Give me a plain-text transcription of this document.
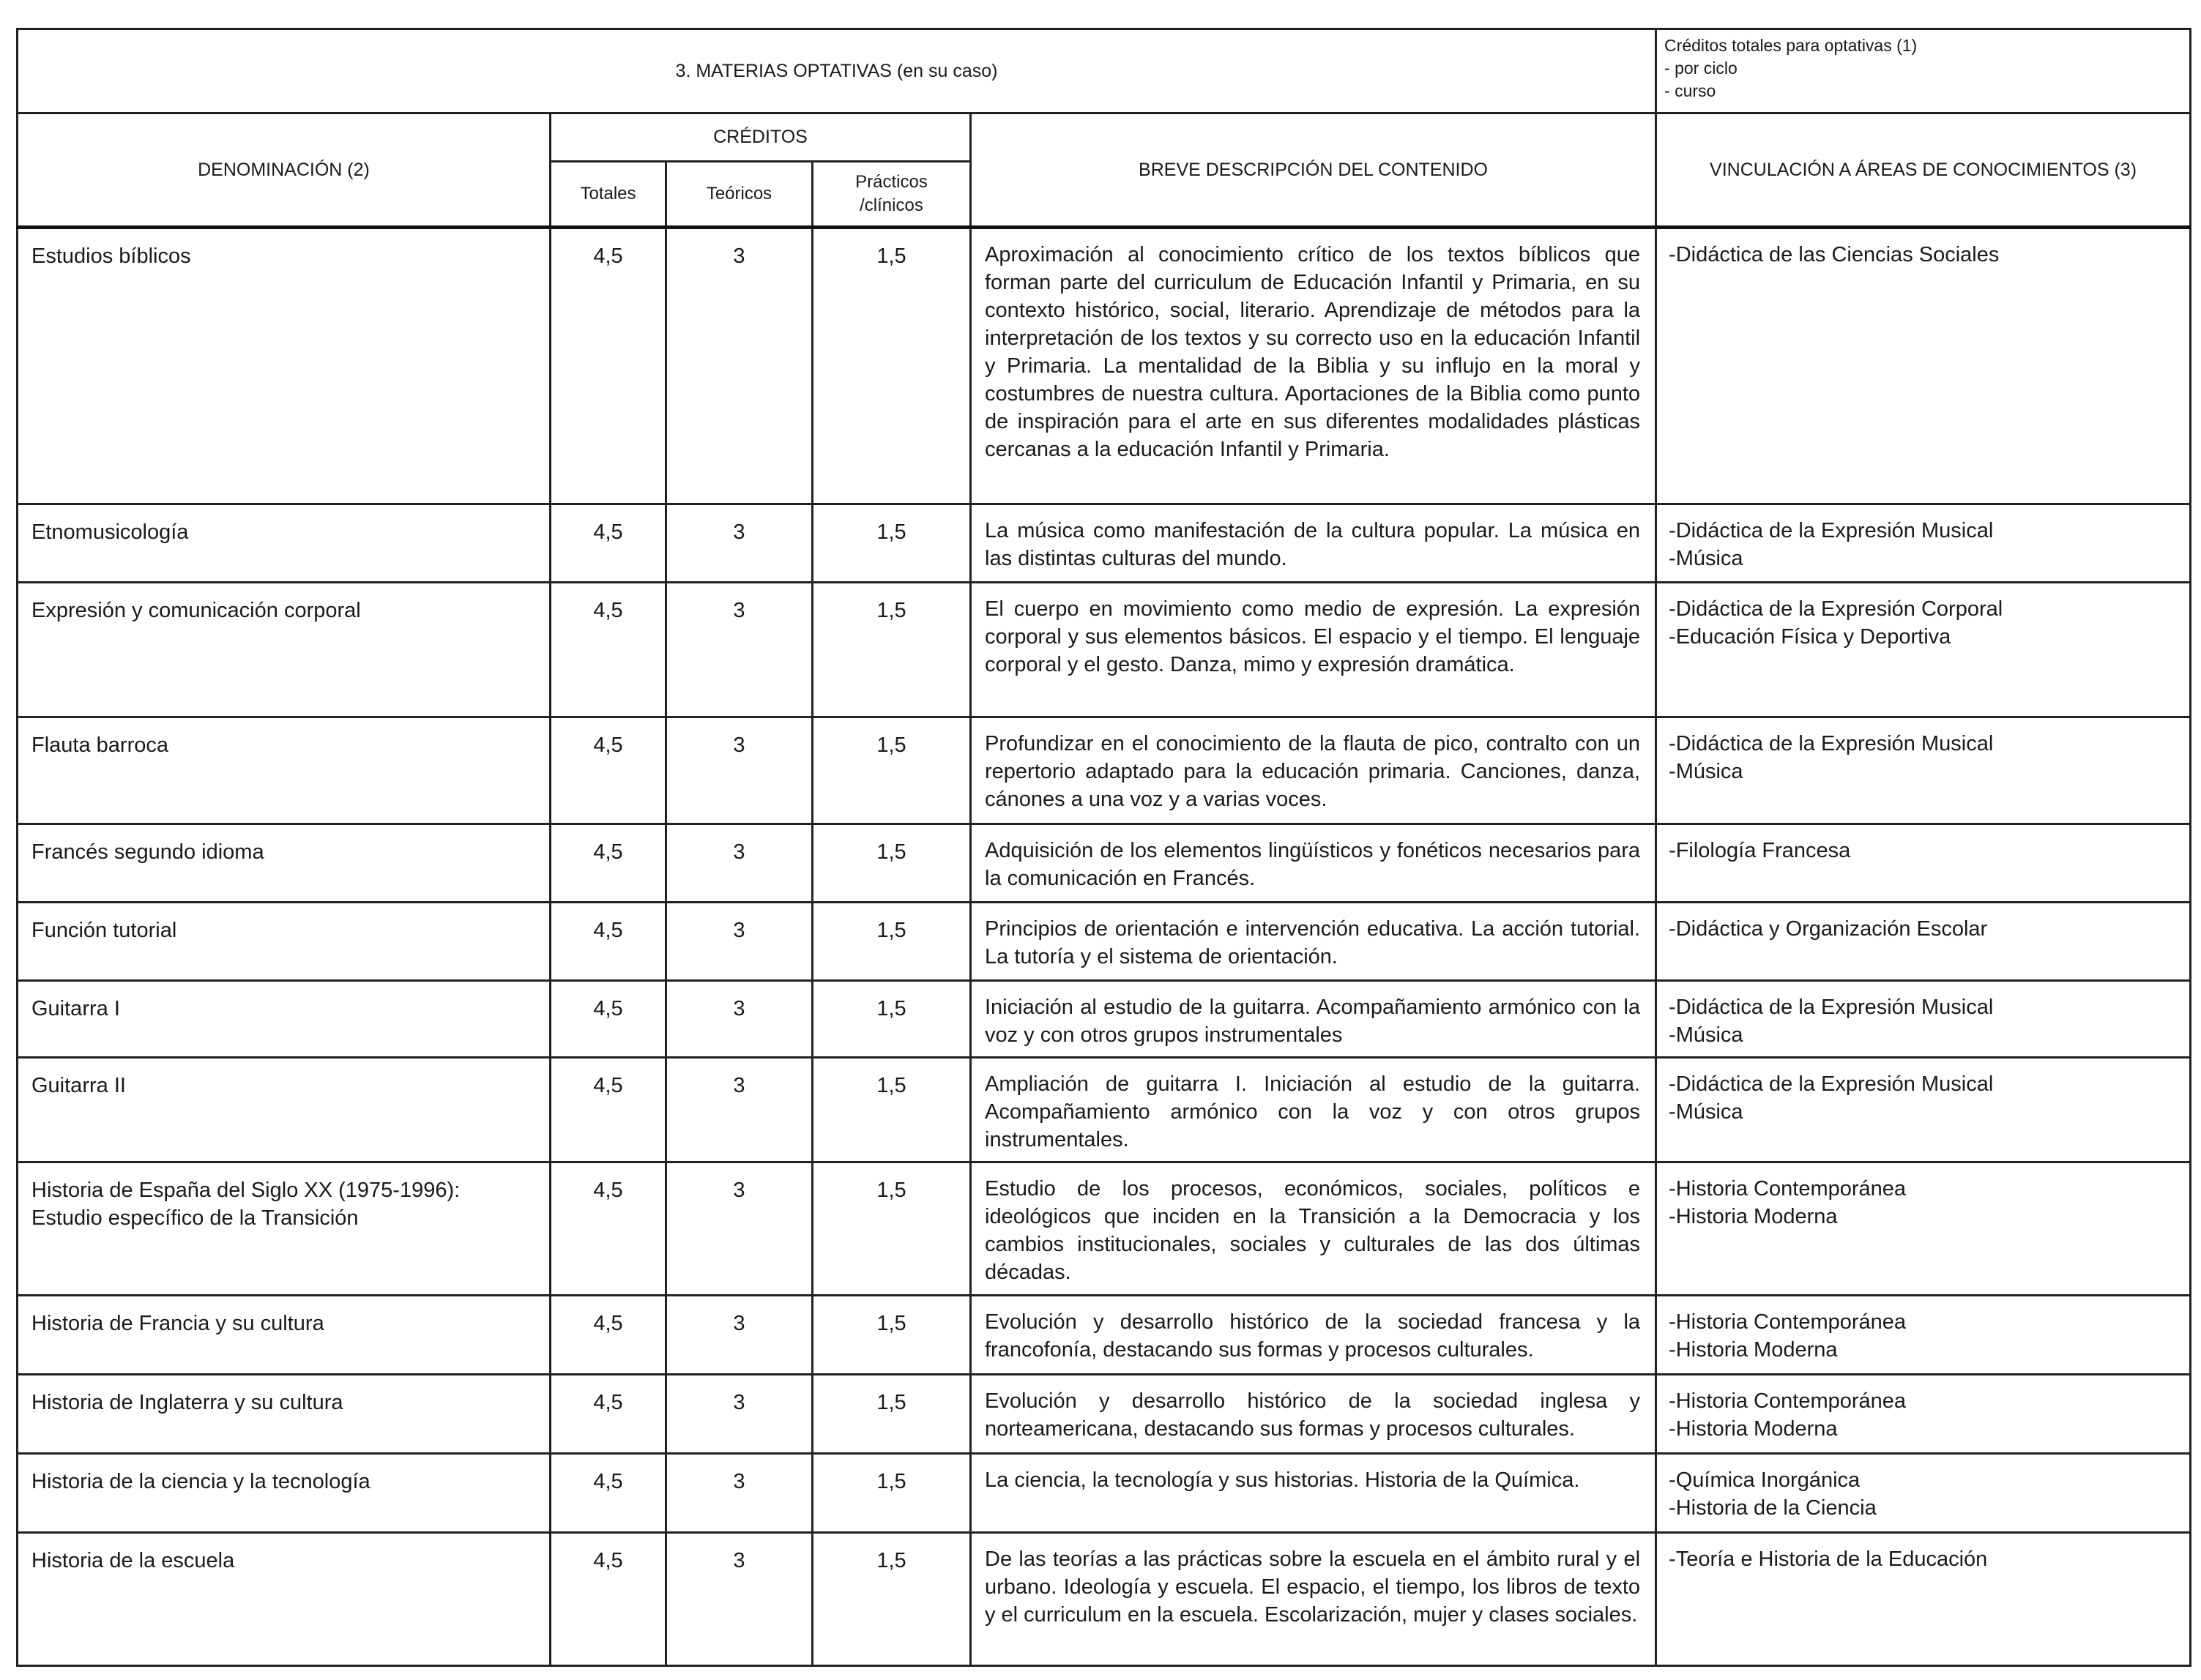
3. MATERIAS OPTATIVAS (en su caso)					Créditos totales para optativas (1)
- por ciclo
- curso

DENOMINACIÓN (2)	CRÉDITOS			BREVE DESCRIPCIÓN DEL CONTENIDO	VINCULACIÓN A ÁREAS DE CONOCIMIENTOS (3)
	Totales	Teóricos	Prácticos
/clínicos		
Estudios bíblicos	4,5	3	1,5	Aproximación al conocimiento crítico de los textos bíblicos que forman parte del curriculum de Educación Infantil y Primaria, en su contexto histórico, social, literario. Aprendizaje de métodos para la interpretación de los textos y su correcto uso en la educación Infantil y Primaria. La mentalidad de la Biblia y su influjo en la moral y costumbres de nuestra cultura. Aportaciones de la Biblia como punto de inspiración para el arte en sus diferentes modalidades plásticas cercanas a la educación Infantil y Primaria.	-Didáctica de las Ciencias Sociales

Etnomusicología	4,5	3	1,5	La música como manifestación de la cultura popular. La música en las distintas culturas del mundo.	-Didáctica de la Expresión Musical
-Música

Expresión y comunicación corporal	4,5	3	1,5	El cuerpo en movimiento como medio de expresión. La expresión corporal y sus elementos básicos. El espacio y el tiempo. El lenguaje corporal y el gesto. Danza, mimo y expresión dramática.	-Didáctica de la Expresión Corporal
-Educación Física y Deportiva

Flauta barroca	4,5	3	1,5	Profundizar en el conocimiento de la flauta de pico, contralto con un repertorio adaptado para la educación primaria. Canciones, danza, cánones a una voz y a varias voces.	-Didáctica de la Expresión Musical
-Música

Francés segundo idioma	4,5	3	1,5	Adquisición de los elementos lingüísticos y fonéticos necesarios para la comunicación en Francés.	-Filología Francesa

Función tutorial	4,5	3	1,5	Principios de orientación e intervención educativa. La acción tutorial. La tutoría y el sistema de orientación.	-Didáctica y Organización Escolar

Guitarra I	4,5	3	1,5	Iniciación al estudio de la guitarra. Acompañamiento armónico con la voz y con otros grupos instrumentales	-Didáctica de la Expresión Musical
-Música

Guitarra II	4,5	3	1,5	Ampliación de guitarra I. Iniciación al estudio de la guitarra. Acompañamiento armónico con la voz y con otros grupos instrumentales.	-Didáctica de la Expresión Musical
-Música

Historia de España del Siglo XX (1975-1996): Estudio específico de la Transición	4,5	3	1,5	Estudio de los procesos, económicos, sociales, políticos e ideológicos que inciden en la Transición a la Democracia y los cambios institucionales, sociales y culturales de las dos últimas décadas.	-Historia Contemporánea
-Historia Moderna

Historia de Francia y su cultura	4,5	3	1,5	Evolución y desarrollo histórico de la sociedad francesa y la francofonía, destacando sus formas y procesos culturales.	-Historia Contemporánea
-Historia Moderna

Historia de Inglaterra y su cultura	4,5	3	1,5	Evolución y desarrollo histórico de la sociedad inglesa y norteamericana, destacando sus formas y procesos culturales.	-Historia Contemporánea
-Historia Moderna

Historia de la ciencia y la tecnología	4,5	3	1,5	La ciencia, la tecnología y sus historias. Historia de la Química.	-Química Inorgánica
-Historia de la Ciencia

Historia de la escuela	4,5	3	1,5	De las teorías a las prácticas sobre la escuela en el ámbito rural y el urbano. Ideología y escuela. El espacio, el tiempo, los libros de texto y el curriculum en la escuela. Escolarización, mujer y clases sociales.	-Teoría e Historia de la Educación
